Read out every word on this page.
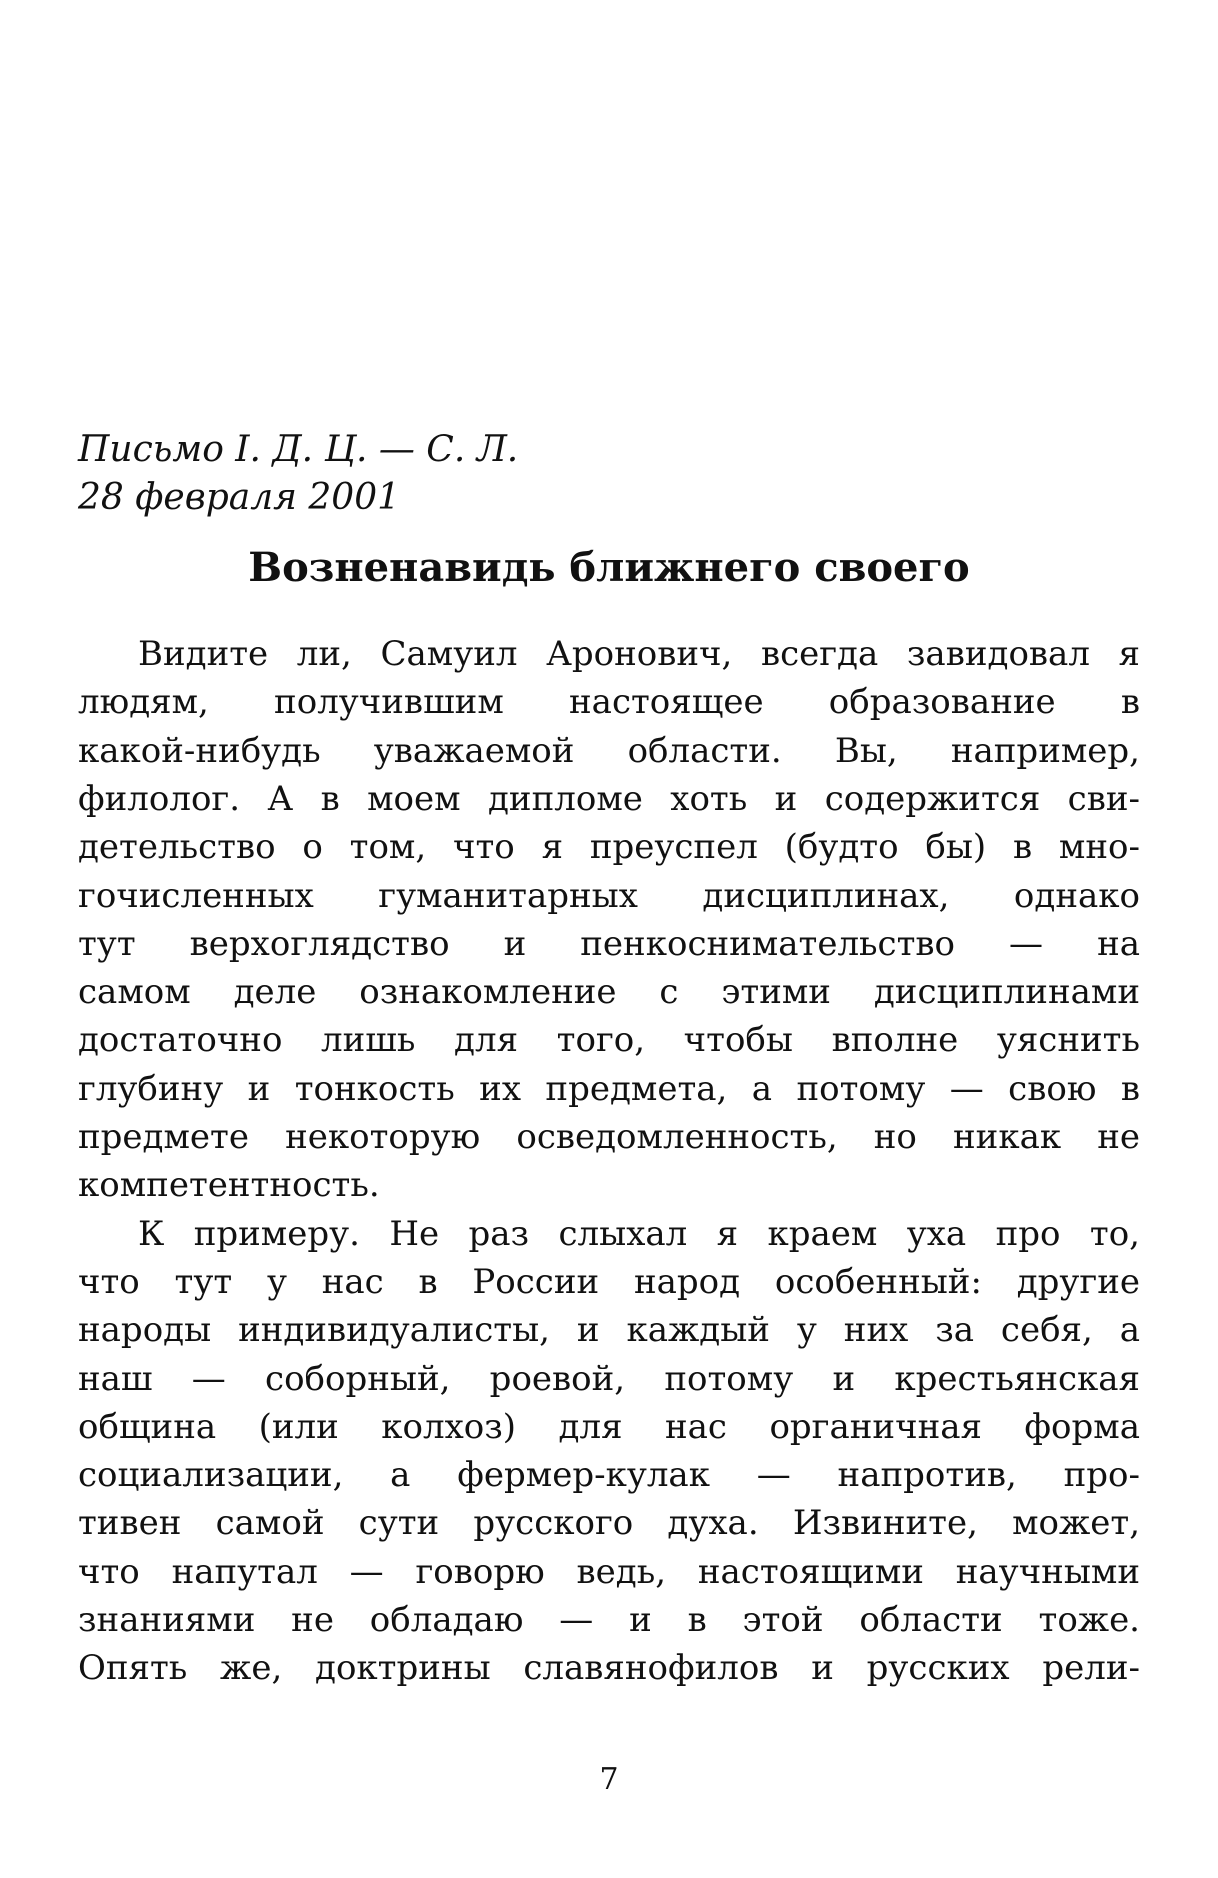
Письмо І. Д. Ц. — С. Л.
28 февраля 2001
Возненавидь ближнего своего
Видите ли, Самуил Аронович, всегда завидовал я
людям, получившим настоящее образование в
какой-нибудь уважаемой области. Вы, например,
филолог. А в моем дипломе хоть и содержится сви-
детельство о том, что я преуспел (будто бы) в мно-
гочисленных гуманитарных дисциплинах, однако
тут верхоглядство и пенкоснимательство — на
самом деле ознакомление с этими дисциплинами
достаточно лишь для того, чтобы вполне уяснить
глубину и тонкость их предмета, а потому — свою в
предмете некоторую осведомленность, но никак не
компетентность.
К примеру. Не раз слыхал я краем уха про то,
что тут у нас в России народ особенный: другие
народы индивидуалисты, и каждый у них за себя, а
наш — соборный, роевой, потому и крестьянская
община (или колхоз) для нас органичная форма
социализации, а фермер-кулак — напротив, про-
тивен самой сути русского духа. Извините, может,
что напутал — говорю ведь, настоящими научными
знаниями не обладаю — и в этой области тоже.
Опять же, доктрины славянофилов и русских рели-
7
